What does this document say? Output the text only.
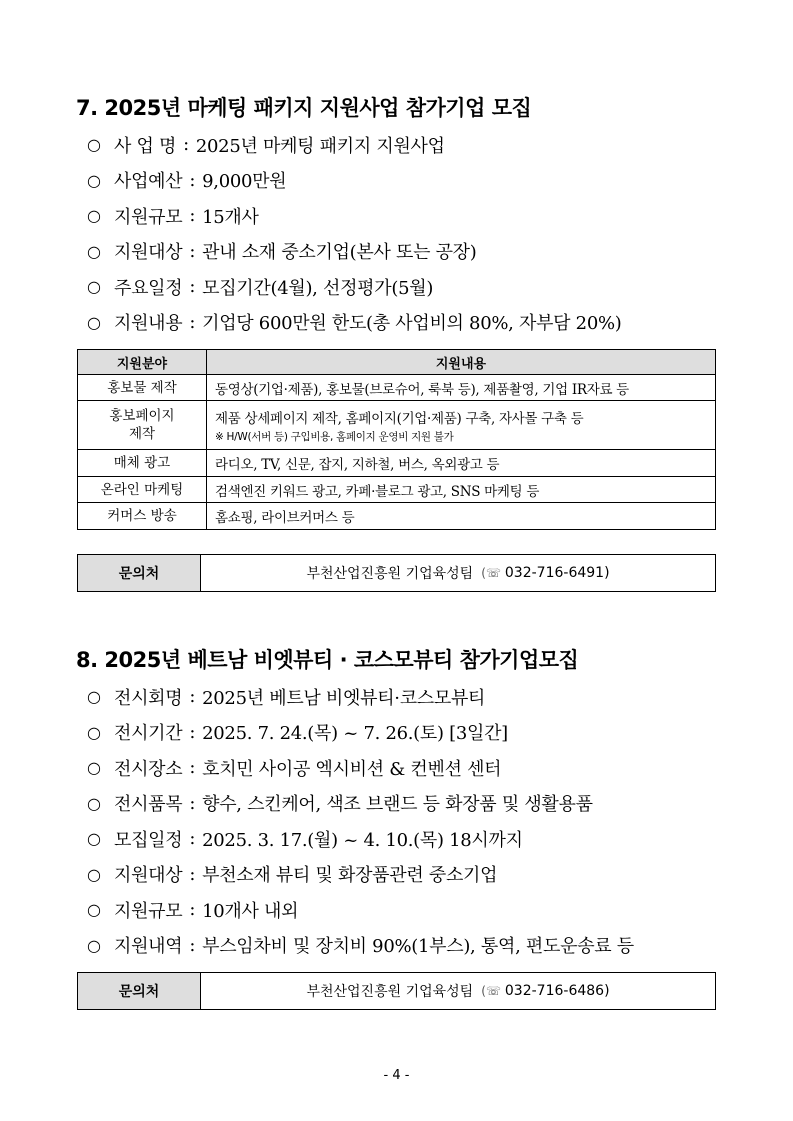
7. 2025년 마케팅 패키지 지원사업 참가기업 모집
○ 사 업 명 : 2025년 마케팅 패키지 지원사업
○ 사업예산 : 9,000만원
○ 지원규모 : 15개사
○ 지원대상 : 관내 소재 중소기업(본사 또는 공장)
○ 주요일정 : 모집기간(4월), 선정평가(5월)
○ 지원내용 : 기업당 600만원 한도(총 사업비의 80%, 자부담 20%)
지원분야	지원내용
홍보물 제작	동영상(기업·제품), 홍보물(브로슈어, 룩북 등), 제품촬영, 기업 IR자료 등
홍보페이지 제작	제품 상세페이지 제작, 홈페이지(기업·제품) 구축, 자사몰 구축 등
※ H/W(서버 등) 구입비용, 홈페이지 운영비 지원 불가

매체 광고	라디오, TV, 신문, 잡지, 지하철, 버스, 옥외광고 등
온라인 마케팅	검색엔진 키워드 광고, 카페·블로그 광고, SNS 마케팅 등
커머스 방송	홈쇼핑, 라이브커머스 등
문의처	부천산업진흥원 기업육성팀 (☏ 032-716-6491 )
8. 2025년 베트남 비엣뷰티 · 코스모뷰티 참가기업모집
○ 전시회명 : 2025년 베트남 비엣뷰티·코스모뷰티
○ 전시기간 : 2025. 7. 24.(목) ~ 7. 26.(토) [3일간]
○ 전시장소 : 호치민 사이공 엑시비션 & 컨벤션 센터
○ 전시품목 : 향수, 스킨케어, 색조 브랜드 등 화장품 및 생활용품
○ 모집일정 : 2025. 3. 17.(월) ~ 4. 10.(목) 18시까지
○ 지원대상 : 부천소재 뷰티 및 화장품관련 중소기업
○ 지원규모 : 10개사 내외
○ 지원내역 : 부스임차비 및 장치비 90%(1부스), 통역, 편도운송료 등
문의처	부천산업진흥원 기업육성팀 (☏ 032-716-6486 )
- 4 -
